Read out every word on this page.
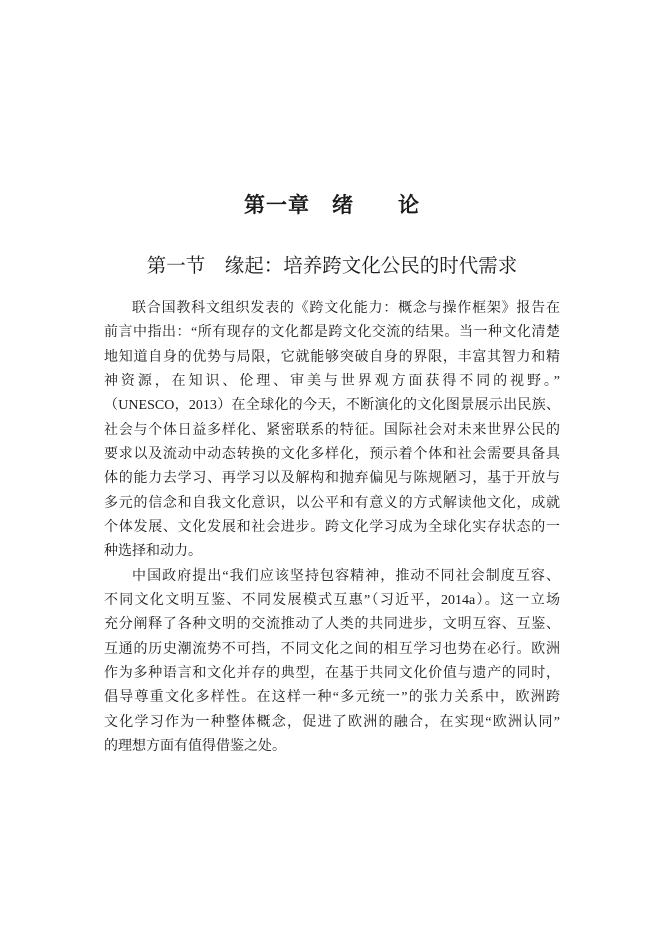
第一章　绪　　论
第一节　缘起：培养跨文化公民的时代需求
联合国教科文组织发表的《跨文化能力：概念与操作框架》报告在
前言中指出：“所有现存的文化都是跨文化交流的结果。当一种文化清楚
地知道自身的优势与局限，它就能够突破自身的界限，丰富其智力和精
神资源，在知识、伦理、审美与世界观方面获得不同的视野。”
（UNESCO，2013）在全球化的今天，不断演化的文化图景展示出民族、
社会与个体日益多样化、紧密联系的特征。国际社会对未来世界公民的
要求以及流动中动态转换的文化多样化，预示着个体和社会需要具备具
体的能力去学习、再学习以及解构和抛弃偏见与陈规陋习，基于开放与
多元的信念和自我文化意识，以公平和有意义的方式解读他文化，成就
个体发展、文化发展和社会进步。跨文化学习成为全球化实存状态的一
种选择和动力。
中国政府提出“我们应该坚持包容精神，推动不同社会制度互容、
不同文化文明互鉴、不同发展模式互惠”（习近平，2014a）。这一立场
充分阐释了各种文明的交流推动了人类的共同进步，文明互容、互鉴、
互通的历史潮流势不可挡，不同文化之间的相互学习也势在必行。欧洲
作为多种语言和文化并存的典型，在基于共同文化价值与遗产的同时，
倡导尊重文化多样性。在这样一种“多元统一”的张力关系中，欧洲跨
文化学习作为一种整体概念，促进了欧洲的融合，在实现“欧洲认同”
的理想方面有值得借鉴之处。
